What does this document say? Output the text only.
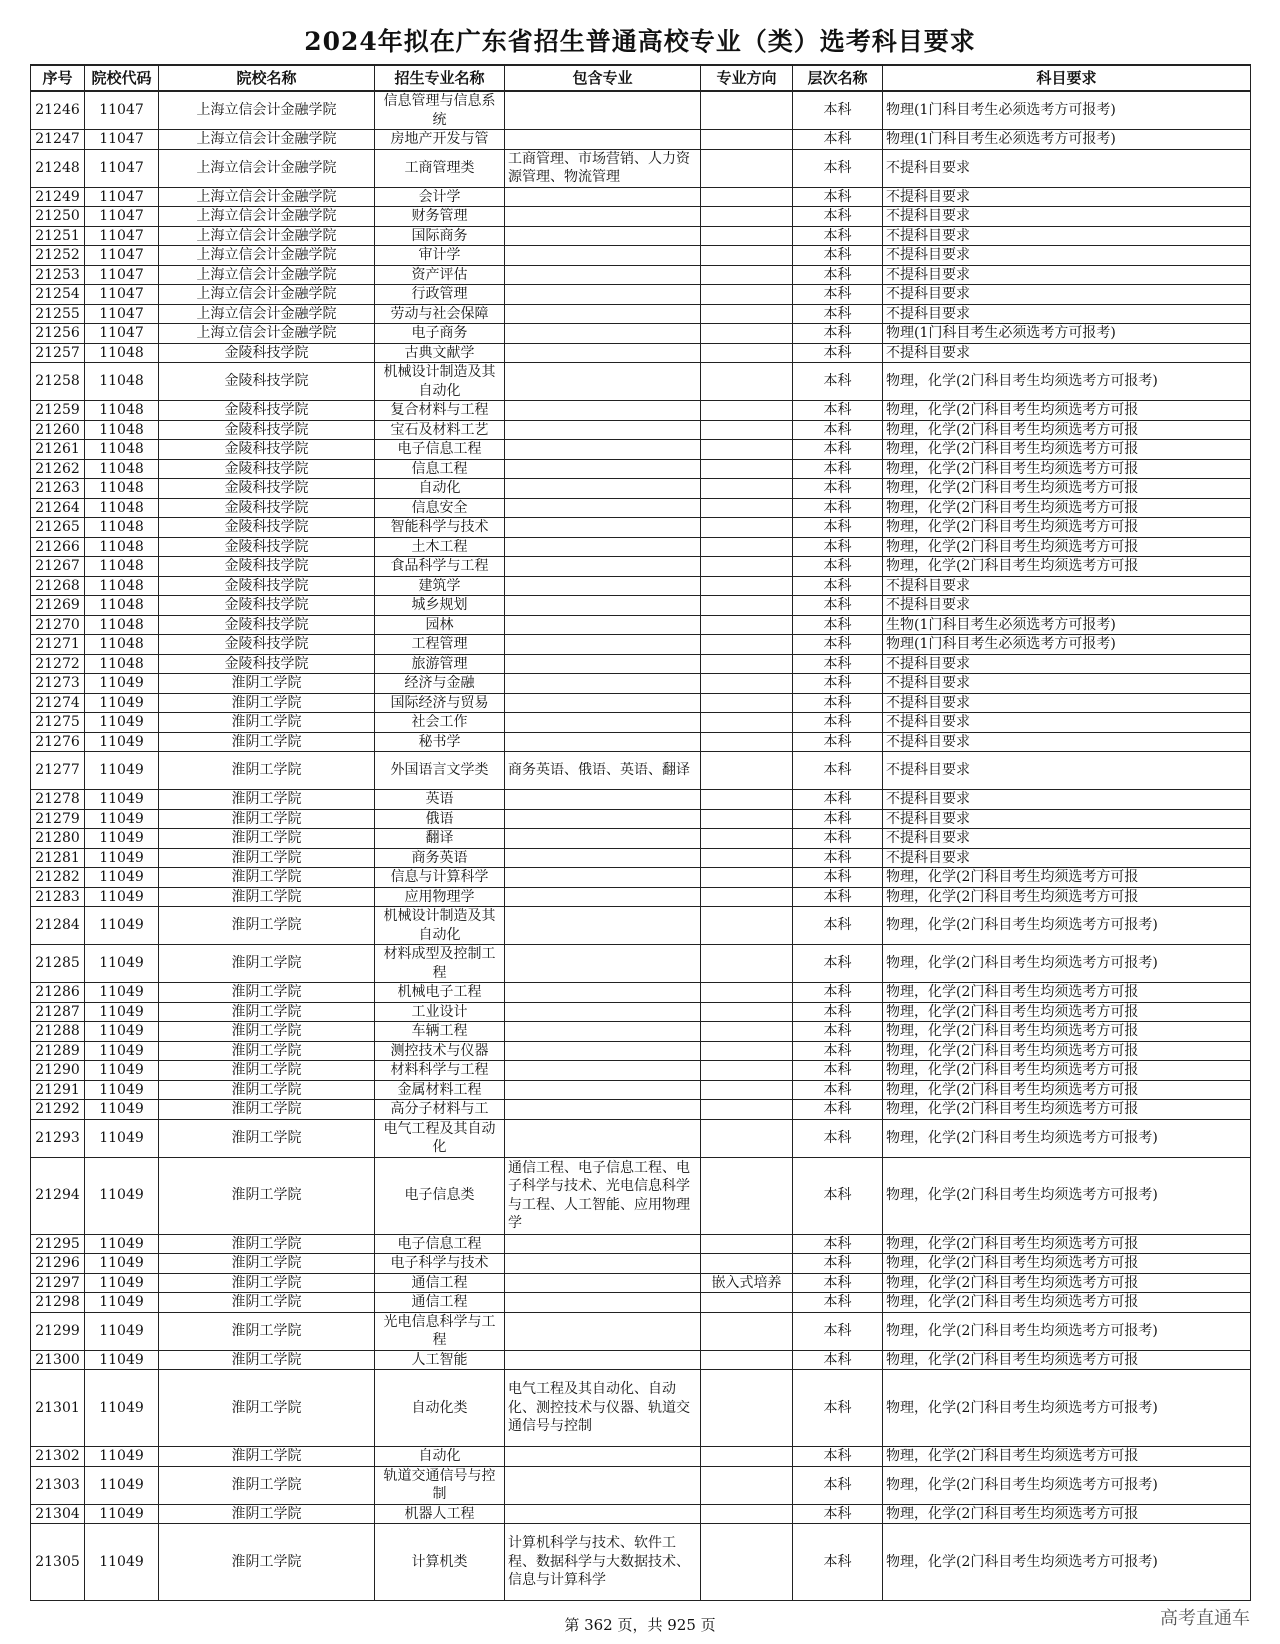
2024年拟在广东省招生普通高校专业（类）选考科目要求
序号	院校代码	院校名称	招生专业名称	包含专业	专业方向	层次名称	科目要求
21246	11047	上海立信会计金融学院	信息管理与信息系统			本科	物理(1门科目考生必须选考方可报考)
21247	11047	上海立信会计金融学院	房地产开发与管			本科	物理(1门科目考生必须选考方可报考)
21248	11047	上海立信会计金融学院	工商管理类	工商管理、市场营销、人力资源管理、物流管理		本科	不提科目要求
21249	11047	上海立信会计金融学院	会计学			本科	不提科目要求
21250	11047	上海立信会计金融学院	财务管理			本科	不提科目要求
21251	11047	上海立信会计金融学院	国际商务			本科	不提科目要求
21252	11047	上海立信会计金融学院	审计学			本科	不提科目要求
21253	11047	上海立信会计金融学院	资产评估			本科	不提科目要求
21254	11047	上海立信会计金融学院	行政管理			本科	不提科目要求
21255	11047	上海立信会计金融学院	劳动与社会保障			本科	不提科目要求
21256	11047	上海立信会计金融学院	电子商务			本科	物理(1门科目考生必须选考方可报考)
21257	11048	金陵科技学院	古典文献学			本科	不提科目要求
21258	11048	金陵科技学院	机械设计制造及其自动化			本科	物理，化学(2门科目考生均须选考方可报考)
21259	11048	金陵科技学院	复合材料与工程			本科	物理，化学(2门科目考生均须选考方可报
21260	11048	金陵科技学院	宝石及材料工艺			本科	物理，化学(2门科目考生均须选考方可报
21261	11048	金陵科技学院	电子信息工程			本科	物理，化学(2门科目考生均须选考方可报
21262	11048	金陵科技学院	信息工程			本科	物理，化学(2门科目考生均须选考方可报
21263	11048	金陵科技学院	自动化			本科	物理，化学(2门科目考生均须选考方可报
21264	11048	金陵科技学院	信息安全			本科	物理，化学(2门科目考生均须选考方可报
21265	11048	金陵科技学院	智能科学与技术			本科	物理，化学(2门科目考生均须选考方可报
21266	11048	金陵科技学院	土木工程			本科	物理，化学(2门科目考生均须选考方可报
21267	11048	金陵科技学院	食品科学与工程			本科	物理，化学(2门科目考生均须选考方可报
21268	11048	金陵科技学院	建筑学			本科	不提科目要求
21269	11048	金陵科技学院	城乡规划			本科	不提科目要求
21270	11048	金陵科技学院	园林			本科	生物(1门科目考生必须选考方可报考)
21271	11048	金陵科技学院	工程管理			本科	物理(1门科目考生必须选考方可报考)
21272	11048	金陵科技学院	旅游管理			本科	不提科目要求
21273	11049	淮阴工学院	经济与金融			本科	不提科目要求
21274	11049	淮阴工学院	国际经济与贸易			本科	不提科目要求
21275	11049	淮阴工学院	社会工作			本科	不提科目要求
21276	11049	淮阴工学院	秘书学			本科	不提科目要求
21277	11049	淮阴工学院	外国语言文学类	商务英语、俄语、英语、翻译		本科	不提科目要求
21278	11049	淮阴工学院	英语			本科	不提科目要求
21279	11049	淮阴工学院	俄语			本科	不提科目要求
21280	11049	淮阴工学院	翻译			本科	不提科目要求
21281	11049	淮阴工学院	商务英语			本科	不提科目要求
21282	11049	淮阴工学院	信息与计算科学			本科	物理，化学(2门科目考生均须选考方可报
21283	11049	淮阴工学院	应用物理学			本科	物理，化学(2门科目考生均须选考方可报
21284	11049	淮阴工学院	机械设计制造及其自动化			本科	物理，化学(2门科目考生均须选考方可报考)
21285	11049	淮阴工学院	材料成型及控制工程			本科	物理，化学(2门科目考生均须选考方可报考)
21286	11049	淮阴工学院	机械电子工程			本科	物理，化学(2门科目考生均须选考方可报
21287	11049	淮阴工学院	工业设计			本科	物理，化学(2门科目考生均须选考方可报
21288	11049	淮阴工学院	车辆工程			本科	物理，化学(2门科目考生均须选考方可报
21289	11049	淮阴工学院	测控技术与仪器			本科	物理，化学(2门科目考生均须选考方可报
21290	11049	淮阴工学院	材料科学与工程			本科	物理，化学(2门科目考生均须选考方可报
21291	11049	淮阴工学院	金属材料工程			本科	物理，化学(2门科目考生均须选考方可报
21292	11049	淮阴工学院	高分子材料与工			本科	物理，化学(2门科目考生均须选考方可报
21293	11049	淮阴工学院	电气工程及其自动化			本科	物理，化学(2门科目考生均须选考方可报考)
21294	11049	淮阴工学院	电子信息类	通信工程、电子信息工程、电子科学与技术、光电信息科学与工程、人工智能、应用物理学		本科	物理，化学(2门科目考生均须选考方可报考)
21295	11049	淮阴工学院	电子信息工程			本科	物理，化学(2门科目考生均须选考方可报
21296	11049	淮阴工学院	电子科学与技术			本科	物理，化学(2门科目考生均须选考方可报
21297	11049	淮阴工学院	通信工程		嵌入式培养	本科	物理，化学(2门科目考生均须选考方可报
21298	11049	淮阴工学院	通信工程			本科	物理，化学(2门科目考生均须选考方可报
21299	11049	淮阴工学院	光电信息科学与工程			本科	物理，化学(2门科目考生均须选考方可报考)
21300	11049	淮阴工学院	人工智能			本科	物理，化学(2门科目考生均须选考方可报
21301	11049	淮阴工学院	自动化类	电气工程及其自动化、自动化、测控技术与仪器、轨道交通信号与控制		本科	物理，化学(2门科目考生均须选考方可报考)
21302	11049	淮阴工学院	自动化			本科	物理，化学(2门科目考生均须选考方可报
21303	11049	淮阴工学院	轨道交通信号与控制			本科	物理，化学(2门科目考生均须选考方可报考)
21304	11049	淮阴工学院	机器人工程			本科	物理，化学(2门科目考生均须选考方可报
21305	11049	淮阴工学院	计算机类	计算机科学与技术、软件工程、数据科学与大数据技术、信息与计算科学		本科	物理，化学(2门科目考生均须选考方可报考)
第 362 页，共 925 页	高考直通车
